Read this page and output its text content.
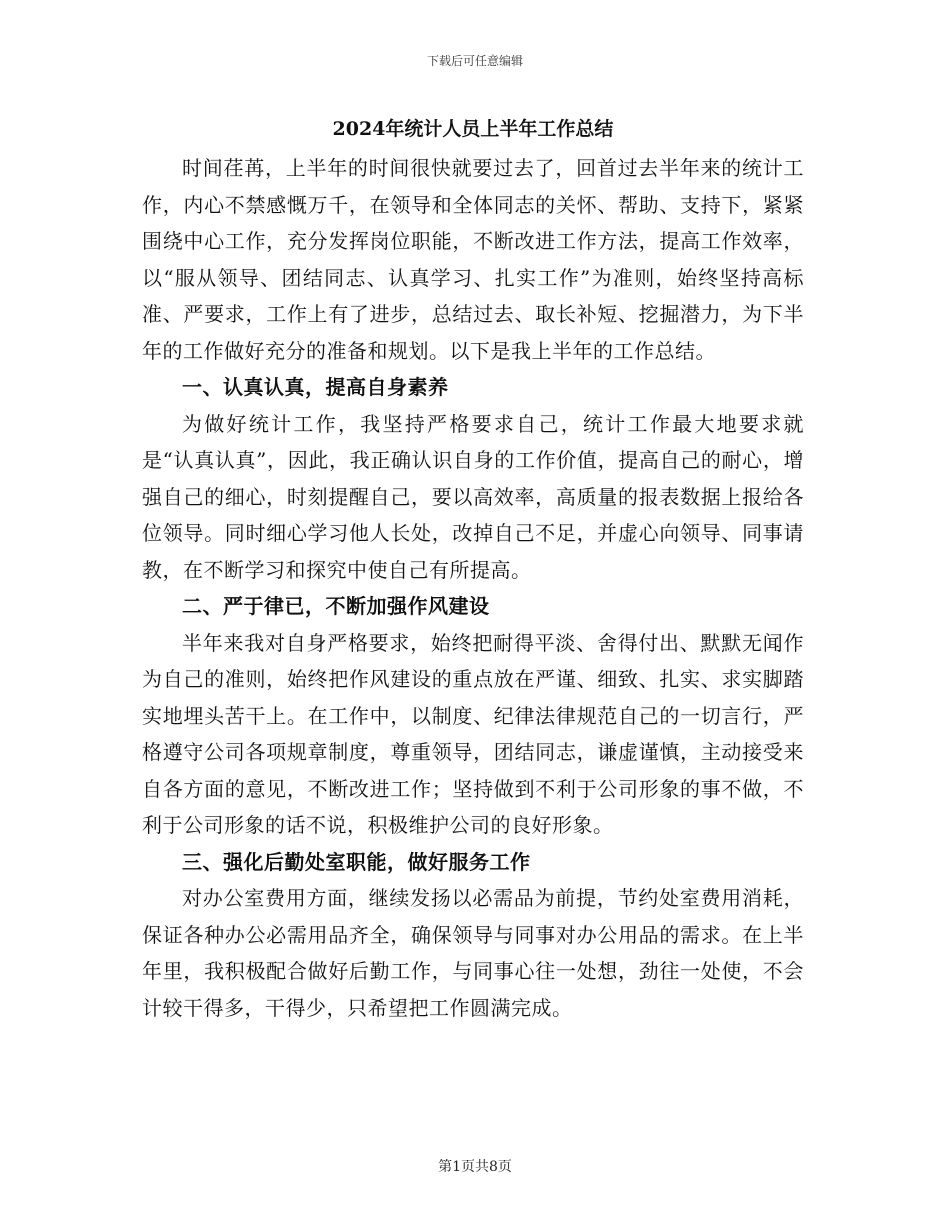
下载后可任意编辑
2024年统计人员上半年工作总结

时间荏苒，上半年的时间很快就要过去了，回首过去半年来的统计工作，内心不禁感慨万千，在领导和全体同志的关怀、帮助、支持下，紧紧围绕中心工作，充分发挥岗位职能，不断改进工作方法，提高工作效率，以“服从领导、团结同志、认真学习、扎实工作”为准则，始终坚持高标准、严要求，工作上有了进步，总结过去、取长补短、挖掘潜力，为下半年的工作做好充分的准备和规划。以下是我上半年的工作总结。

一、认真认真，提高自身素养

为做好统计工作，我坚持严格要求自己，统计工作最大地要求就是“认真认真”，因此，我正确认识自身的工作价值，提高自己的耐心，增强自己的细心，时刻提醒自己，要以高效率，高质量的报表数据上报给各位领导。同时细心学习他人长处，改掉自己不足，并虚心向领导、同事请教，在不断学习和探究中使自己有所提高。

二、严于律已，不断加强作风建设

半年来我对自身严格要求，始终把耐得平淡、舍得付出、默默无闻作为自己的准则，始终把作风建设的重点放在严谨、细致、扎实、求实脚踏实地埋头苦干上。在工作中，以制度、纪律法律规范自己的一切言行，严格遵守公司各项规章制度，尊重领导，团结同志，谦虚谨慎，主动接受来自各方面的意见，不断改进工作；坚持做到不利于公司形象的事不做，不利于公司形象的话不说，积极维护公司的良好形象。

三、强化后勤处室职能，做好服务工作

对办公室费用方面，继续发扬以必需品为前提，节约处室费用消耗，保证各种办公必需用品齐全，确保领导与同事对办公用品的需求。在上半年里，我积极配合做好后勤工作，与同事心往一处想，劲往一处使，不会计较干得多，干得少，只希望把工作圆满完成。

第1页共8页
